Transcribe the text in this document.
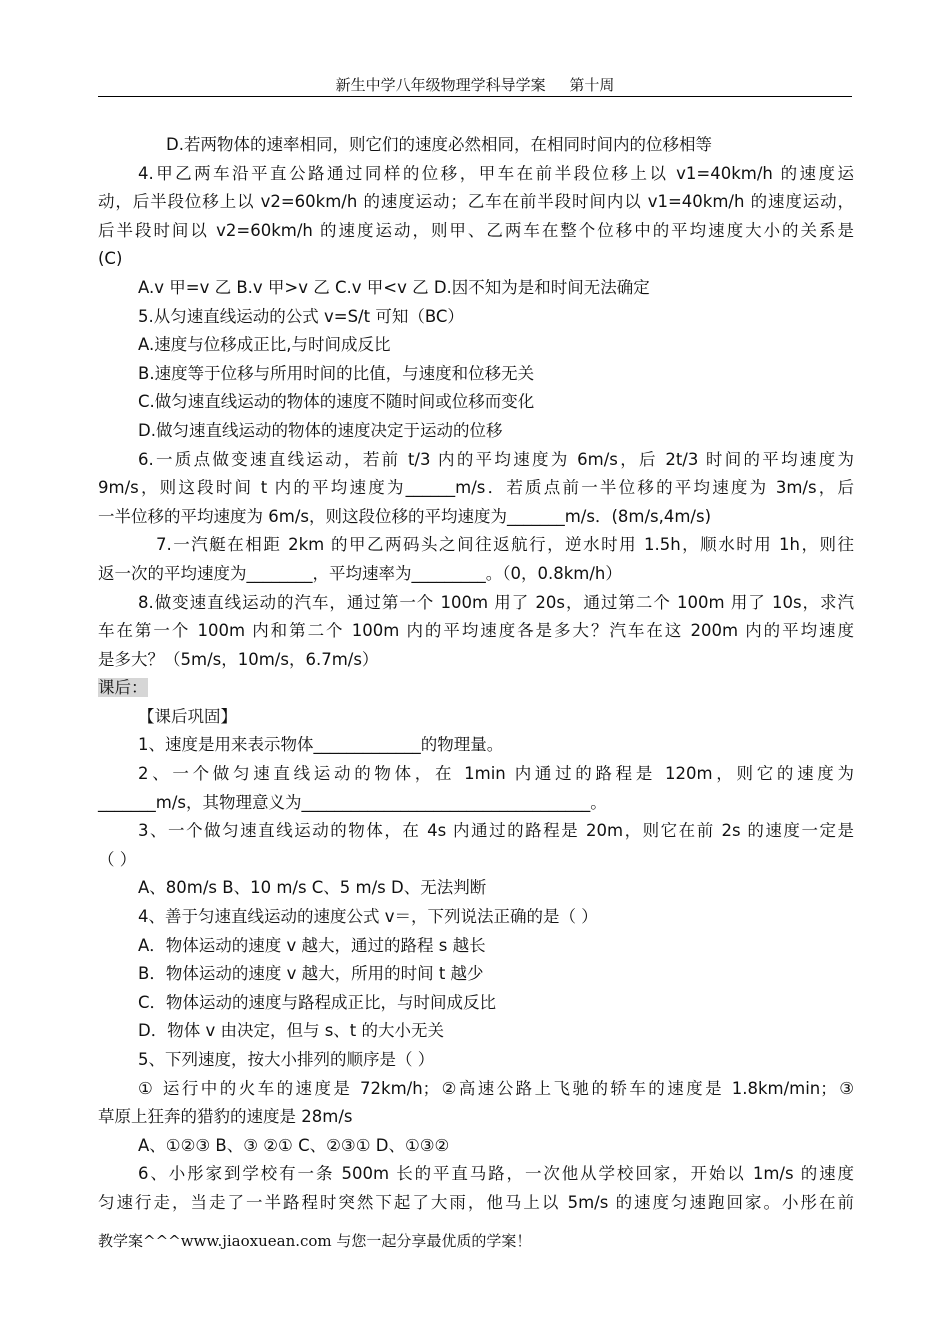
新生中学八年级物理学科导学案 第十周
D.若两物体的速率相同，则它们的速度必然相同，在相同时间内的位移相等
4.甲乙两车沿平直公路通过同样的位移，甲车在前半段位移上以 v1=40km/h 的速度运
动，后半段位移上以 v2=60km/h 的速度运动；乙车在前半段时间内以 v1=40km/h 的速度运动，
后半段时间以 v2=60km/h 的速度运动，则甲、乙两车在整个位移中的平均速度大小的关系是
(C)
A.v 甲=v 乙 B.v 甲>v 乙 C.v 甲<v 乙 D.因不知为是和时间无法确定
5.从匀速直线运动的公式 v=S/t 可知（BC）
A.速度与位移成正比,与时间成反比
B.速度等于位移与所用时间的比值，与速度和位移无关
C.做匀速直线运动的物体的速度不随时间或位移而变化
D.做匀速直线运动的物体的速度决定于运动的位移
6.一质点做变速直线运动，若前 t/3 内的平均速度为 6m/s，后 2t/3 时间的平均速度为
9m/s，则这段时间 t 内的平均速度为______m/s．若质点前一半位移的平均速度为 3m/s，后
一半位移的平均速度为 6m/s，则这段位移的平均速度为_______m/s．(8m/s,4m/s)
7.一汽艇在相距 2km 的甲乙两码头之间往返航行，逆水时用 1.5h，顺水时用 1h，则往
返一次的平均速度为________，平均速率为_________。（0，0.8km/h）
8.做变速直线运动的汽车，通过第一个 100m 用了 20s，通过第二个 100m 用了 10s，求汽
车在第一个 100m 内和第二个 100m 内的平均速度各是多大？汽车在这 200m 内的平均速度
是多大？（5m/s，10m/s，6.7m/s）
课后：
【课后巩固】
1、速度是用来表示物体_____________的物理量。
2、一个做匀速直线运动的物体，在 1min 内通过的路程是 120m，则它的速度为
_______m/s，其物理意义为___________________________________。
3、一个做匀速直线运动的物体，在 4s 内通过的路程是 20m，则它在前 2s 的速度一定是
（ ）
A、80m/s B、10 m/s C、5 m/s D、无法判断
4、善于匀速直线运动的速度公式 v＝，下列说法正确的是（ ）
A．物体运动的速度 v 越大，通过的路程 s 越长
B．物体运动的速度 v 越大，所用的时间 t 越少
C．物体运动的速度与路程成正比，与时间成反比
D．物体 v 由决定，但与 s、t 的大小无关
5、下列速度，按大小排列的顺序是（ ）
① 运行中的火车的速度是 72km/h；②高速公路上飞驰的轿车的速度是 1.8km/min；③
草原上狂奔的猎豹的速度是 28m/s
A、①②③ B、③ ②① C、②③① D、①③②
6、小彤家到学校有一条 500m 长的平直马路，一次他从学校回家，开始以 1m/s 的速度
匀速行走，当走了一半路程时突然下起了大雨，他马上以 5m/s 的速度匀速跑回家。小彤在前
教学案^^^www.jiaoxuean.com 与您一起分享最优质的学案！
